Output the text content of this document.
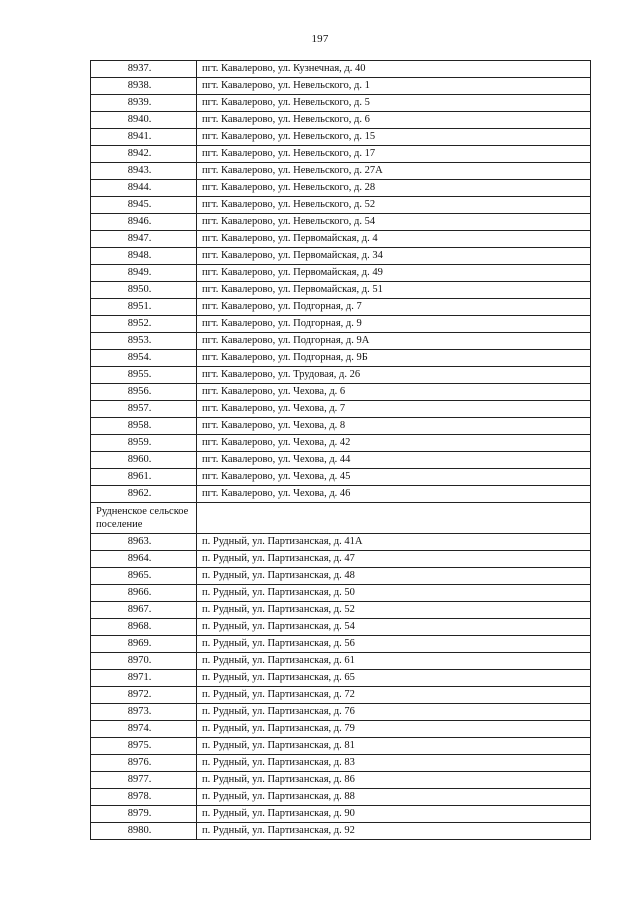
197
8937.	пгт. Кавалерово, ул. Кузнечная, д. 40
8938.	пгт. Кавалерово, ул. Невельского, д. 1
8939.	пгт. Кавалерово, ул. Невельского, д. 5
8940.	пгт. Кавалерово, ул. Невельского, д. 6
8941.	пгт. Кавалерово, ул. Невельского, д. 15
8942.	пгт. Кавалерово, ул. Невельского, д. 17
8943.	пгт. Кавалерово, ул. Невельского, д. 27А
8944.	пгт. Кавалерово, ул. Невельского, д. 28
8945.	пгт. Кавалерово, ул. Невельского, д. 52
8946.	пгт. Кавалерово, ул. Невельского, д. 54
8947.	пгт. Кавалерово, ул. Первомайская, д. 4
8948.	пгт. Кавалерово, ул. Первомайская, д. 34
8949.	пгт. Кавалерово, ул. Первомайская, д. 49
8950.	пгт. Кавалерово, ул. Первомайская, д. 51
8951.	пгт. Кавалерово, ул. Подгорная, д. 7
8952.	пгт. Кавалерово, ул. Подгорная, д. 9
8953.	пгт. Кавалерово, ул. Подгорная, д. 9А
8954.	пгт. Кавалерово, ул. Подгорная, д. 9Б
8955.	пгт. Кавалерово, ул. Трудовая, д. 26
8956.	пгт. Кавалерово, ул. Чехова, д. 6
8957.	пгт. Кавалерово, ул. Чехова, д. 7
8958.	пгт. Кавалерово, ул. Чехова, д. 8
8959.	пгт. Кавалерово, ул. Чехова, д. 42
8960.	пгт. Кавалерово, ул. Чехова, д. 44
8961.	пгт. Кавалерово, ул. Чехова, д. 45
8962.	пгт. Кавалерово, ул. Чехова, д. 46
Рудненское сельское поселение	
8963.	п. Рудный, ул. Партизанская, д. 41А
8964.	п. Рудный, ул. Партизанская, д. 47
8965.	п. Рудный, ул. Партизанская, д. 48
8966.	п. Рудный, ул. Партизанская, д. 50
8967.	п. Рудный, ул. Партизанская, д. 52
8968.	п. Рудный, ул. Партизанская, д. 54
8969.	п. Рудный, ул. Партизанская, д. 56
8970.	п. Рудный, ул. Партизанская, д. 61
8971.	п. Рудный, ул. Партизанская, д. 65
8972.	п. Рудный, ул. Партизанская, д. 72
8973.	п. Рудный, ул. Партизанская, д. 76
8974.	п. Рудный, ул. Партизанская, д. 79
8975.	п. Рудный, ул. Партизанская, д. 81
8976.	п. Рудный, ул. Партизанская, д. 83
8977.	п. Рудный, ул. Партизанская, д. 86
8978.	п. Рудный, ул. Партизанская, д. 88
8979.	п. Рудный, ул. Партизанская, д. 90
8980.	п. Рудный, ул. Партизанская, д. 92
